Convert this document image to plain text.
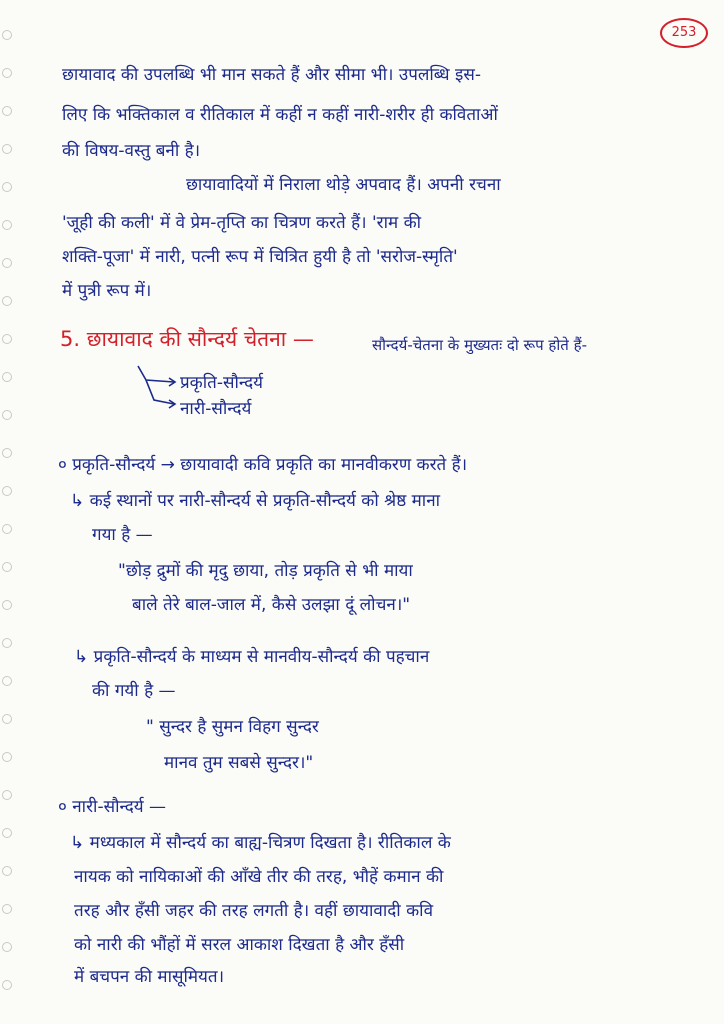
253
छायावाद की उपलब्धि भी मान सकते हैं और सीमा भी। उपलब्धि इस-
लिए कि भक्तिकाल व रीतिकाल में कहीं न कहीं नारी-शरीर ही कविताओं
की विषय-वस्तु बनी है।
छायावादियों में निराला थोड़े अपवाद हैं। अपनी रचना
'जूही की कली' में वे प्रेम-तृप्ति का चित्रण करते हैं। 'राम की
शक्ति-पूजा' में नारी, पत्नी रूप में चित्रित हुयी है तो 'सरोज-स्मृति'
में पुत्री रूप में।
5. छायावाद की सौन्दर्य चेतना —	सौन्दर्य-चेतना के मुख्यतः दो रूप होते हैं-
प्रकृति-सौन्दर्य
नारी-सौन्दर्य
० प्रकृति-सौन्दर्य → छायावादी कवि प्रकृति का मानवीकरण करते हैं।
↳ कई स्थानों पर नारी-सौन्दर्य से प्रकृति-सौन्दर्य को श्रेष्ठ माना
गया है —
"छोड़ द्रुमों की मृदु छाया, तोड़ प्रकृति से भी माया
बाले तेरे बाल-जाल में, कैसे उलझा दूं लोचन।"
↳ प्रकृति-सौन्दर्य के माध्यम से मानवीय-सौन्दर्य की पहचान
की गयी है —
" सुन्दर है सुमन विहग सुन्दर
मानव तुम सबसे सुन्दर।"
० नारी-सौन्दर्य —
↳ मध्यकाल में सौन्दर्य का बाह्य-चित्रण दिखता है। रीतिकाल के
नायक को नायिकाओं की आँखे तीर की तरह, भौहें कमान की
तरह और हँसी जहर की तरह लगती है। वहीं छायावादी कवि
को नारी की भौंहों में सरल आकाश दिखता है और हँसी
में बचपन की मासूमियत।
